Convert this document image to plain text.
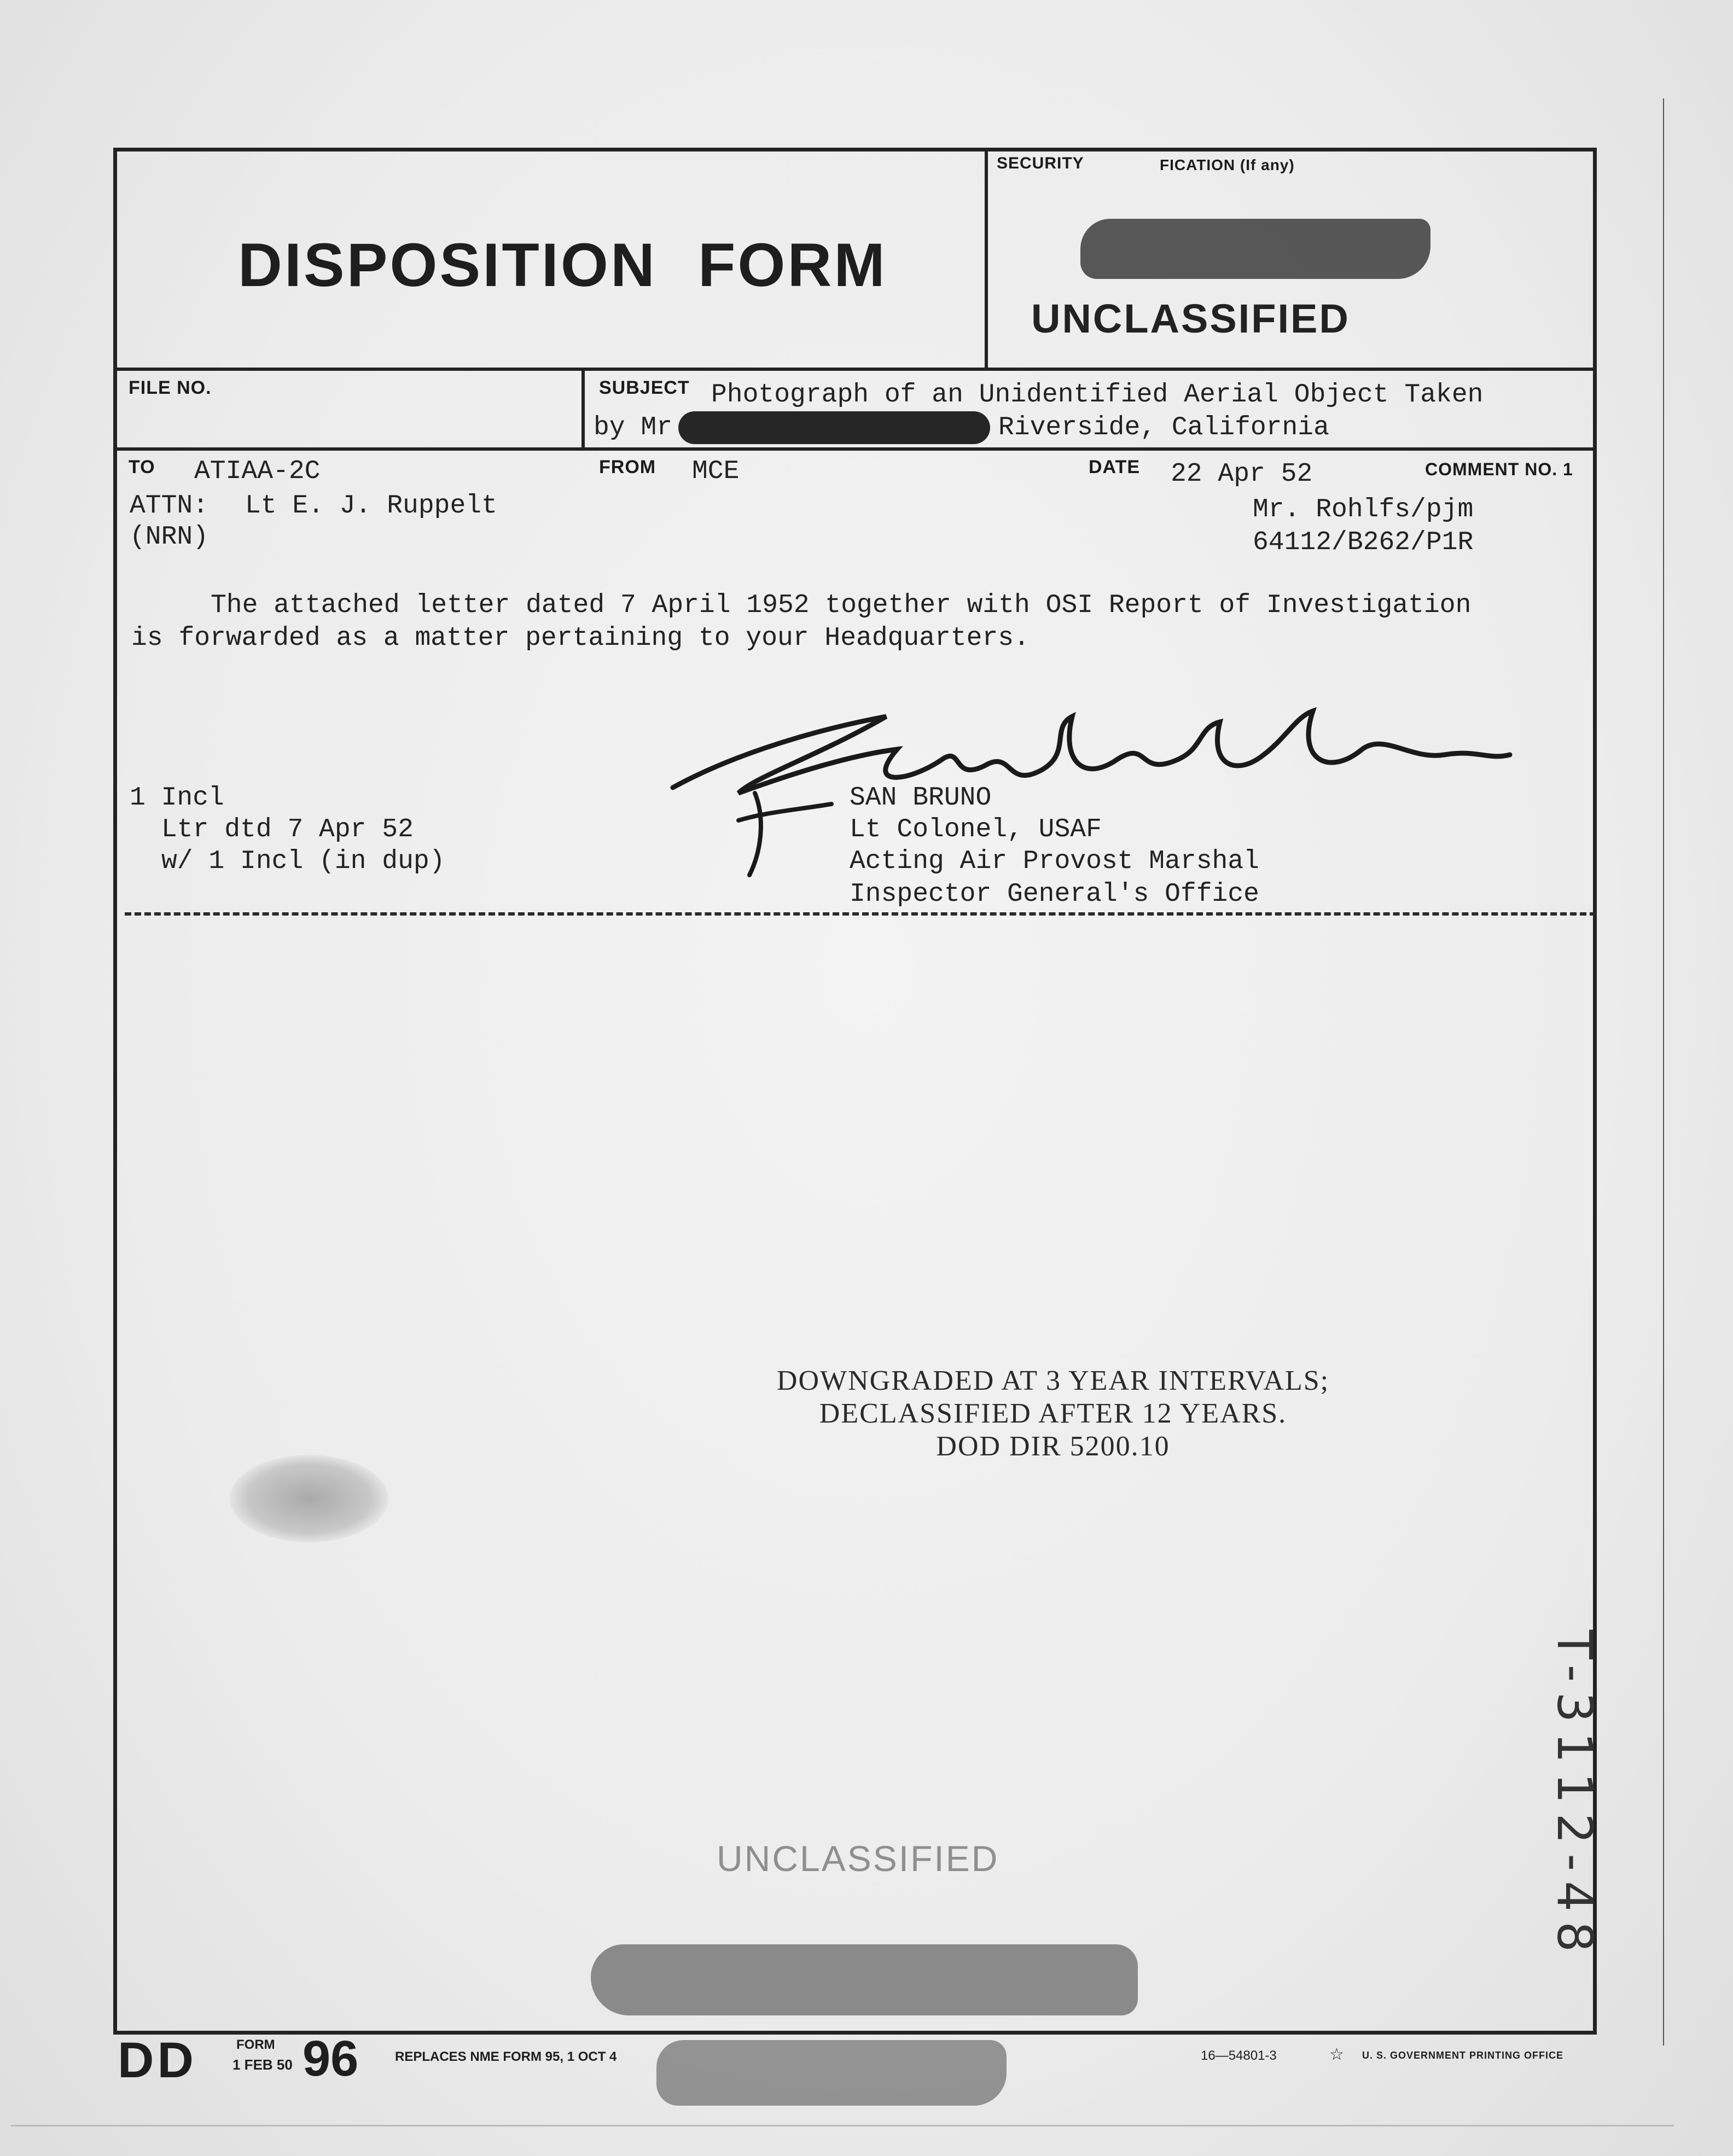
DISPOSITION FORM
SECURITY	FICATION (If any)
UNCLASSIFIED
FILE NO.	SUBJECT Photograph of an Unidentified Aerial Object Taken
by Mr	Riverside, California
TO ATIAA-2C	FROM MCE	DATE 22 Apr 52	COMMENT NO. 1
ATTN: Lt E. J. Ruppelt
(NRN)
Mr. Rohlfs/pjm
64112/B262/P1R
The attached letter dated 7 April 1952 together with OSI Report of Investigation
is forwarded as a matter pertaining to your Headquarters.
1 Incl
Ltr dtd 7 Apr 52
w/ 1 Incl (in dup)
SAN BRUNO
Lt Colonel, USAF
Acting Air Provost Marshal
Inspector General's Office
DOWNGRADED AT 3 YEAR INTERVALS;
DECLASSIFIED AFTER 12 YEARS.
DOD DIR 5200.10
UNCLASSIFIED	T-3112-48
DD	FORM
1 FEB 50 96	REPLACES NME FORM 95, 1 OCT 4	16—54801-3	☆ U. S. GOVERNMENT PRINTING OFFICE
